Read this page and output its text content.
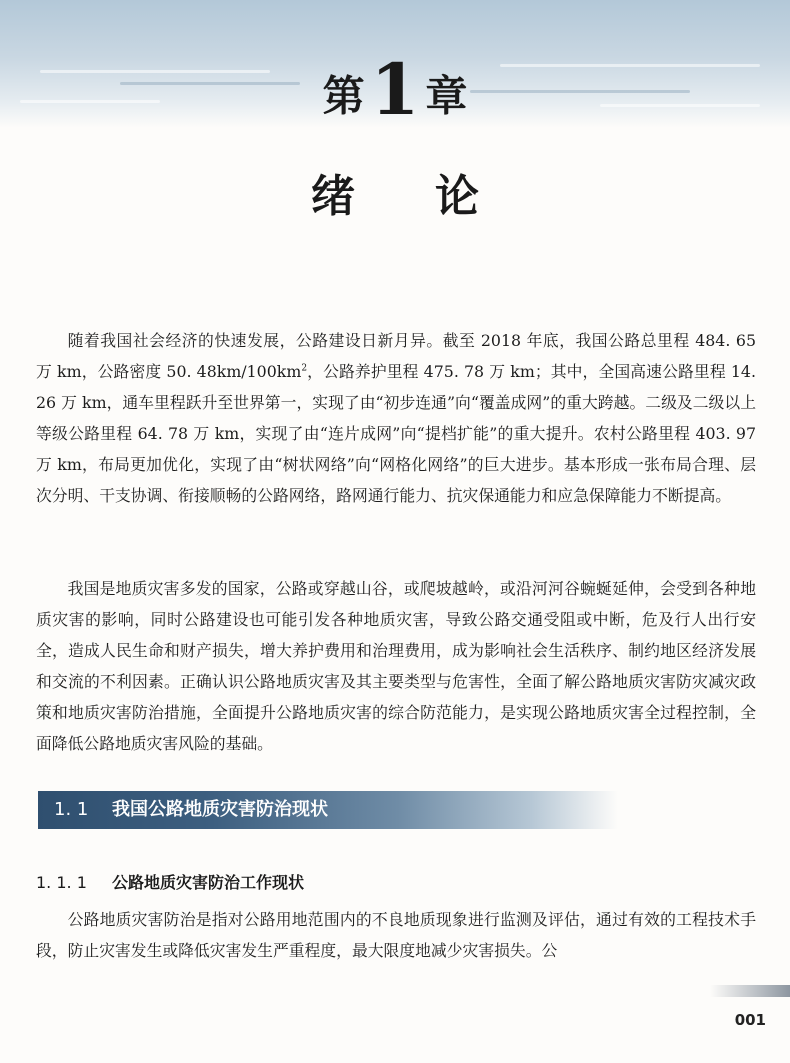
第1 章
绪论

随着我国社会经济的快速发展，公路建设日新月异。截至 2018 年底，我国公路总里程 484. 65 万 km，公路密度 50. $48km/100km^2$，公路养护里程 475. 78 万 km；其中，全国高速公路里程 14. 26 万 km，通车里程跃升至世界第一，实现了由“初步连通”向“覆盖成网”的重大跨越。二级及二级以上等级公路里程 64. 78 万 km，实现了由“连片成网”向“提档扩能”的重大提升。农村公路里程 403. 97 万 km，布局更加优化，实现了由“树状网络”向“网格化网络”的巨大进步。基本形成一张布局合理、层次分明、干支协调、衔接顺畅的公路网络，路网通行能力、抗灾保通能力和应急保障能力不断提高。

我国是地质灾害多发的国家，公路或穿越山谷，或爬坡越岭，或沿河河谷蜿蜒延伸，会受到各种地质灾害的影响，同时公路建设也可能引发各种地质灾害，导致公路交通受阻或中断，危及行人出行安全，造成人民生命和财产损失，增大养护费用和治理费用，成为影响社会生活秩序、制约地区经济发展和交流的不利因素。正确认识公路地质灾害及其主要类型与危害性，全面了解公路地质灾害防灾减灾政策和地质灾害防治措施，全面提升公路地质灾害的综合防范能力，是实现公路地质灾害全过程控制，全面降低公路地质灾害风险的基础。

1. 1 我国公路地质灾害防治现状
1. 1. 1 公路地质灾害防治工作现状

公路地质灾害防治是指对公路用地范围内的不良地质现象进行监测及评估，通过有效的工程技术手段，防止灾害发生或降低灾害发生严重程度，最大限度地减少灾害损失。公

001
